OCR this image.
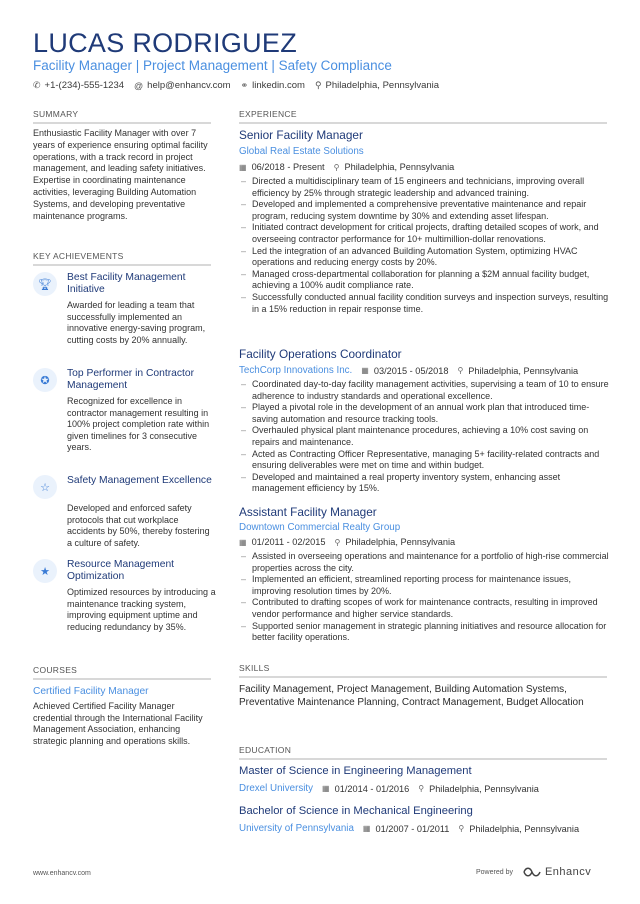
LUCAS RODRIGUEZ
Facility Manager | Project Management | Safety Compliance
✆ +1-(234)-555-1234 @ help@enhancv.com ⚭ linkedin.com ⚲ Philadelphia, Pennsylvania
SUMMARY
Enthusiastic Facility Manager with over 7 years of experience ensuring optimal facility operations, with a track record in project management, and leading safety initiatives. Expertise in coordinating maintenance activities, leveraging Building Automation Systems, and developing preventative maintenance programs.
KEY ACHIEVEMENTS
🏆︎
Best Facility Management Initiative
Awarded for leading a team that successfully implemented an innovative energy-saving program, cutting costs by 20% annually.
✪
Top Performer in Contractor Management
Recognized for excellence in contractor management resulting in 100% project completion rate within given timelines for 3 consecutive years.
☆
Safety Management Excellence
Developed and enforced safety protocols that cut workplace accidents by 50%, thereby fostering a culture of safety.
★
Resource Management Optimization
Optimized resources by introducing a maintenance tracking system, improving equipment uptime and reducing redundancy by 35%.
COURSES
Certified Facility Manager
Achieved Certified Facility Manager credential through the International Facility Management Association, enhancing strategic planning and operations skills.
EXPERIENCE
Senior Facility Manager
Global Real Estate Solutions
▦ 06/2018 - Present ⚲ Philadelphia, Pennsylvania
– Directed a multidisciplinary team of 15 engineers and technicians, improving overall efficiency by 25% through strategic leadership and advanced training.
– Developed and implemented a comprehensive preventative maintenance and repair program, reducing system downtime by 30% and extending asset lifespan.
– Initiated contract development for critical projects, drafting detailed scopes of work, and overseeing contractor performance for 10+ multimillion-dollar renovations.
– Led the integration of an advanced Building Automation System, optimizing HVAC operations and reducing energy costs by 20%.
– Managed cross-departmental collaboration for planning a $2M annual facility budget, achieving a 100% audit compliance rate.
– Successfully conducted annual facility condition surveys and inspection surveys, resulting in a 15% reduction in repair response time.
Facility Operations Coordinator
TechCorp Innovations Inc. ▦ 03/2015 - 05/2018 ⚲ Philadelphia, Pennsylvania
– Coordinated day-to-day facility management activities, supervising a team of 10 to ensure adherence to industry standards and operational excellence.
– Played a pivotal role in the development of an annual work plan that introduced time-saving automation and resource tracking tools.
– Overhauled physical plant maintenance procedures, achieving a 10% cost saving on repairs and maintenance.
– Acted as Contracting Officer Representative, managing 5+ facility-related contracts and ensuring deliverables were met on time and within budget.
– Developed and maintained a real property inventory system, enhancing asset management efficiency by 15%.
Assistant Facility Manager
Downtown Commercial Realty Group
▦ 01/2011 - 02/2015 ⚲ Philadelphia, Pennsylvania
– Assisted in overseeing operations and maintenance for a portfolio of high-rise commercial properties across the city.
– Implemented an efficient, streamlined reporting process for maintenance issues, improving resolution times by 20%.
– Contributed to drafting scopes of work for maintenance contracts, resulting in improved vendor performance and higher service standards.
– Supported senior management in strategic planning initiatives and resource allocation for better facility operations.
SKILLS
Facility Management, Project Management, Building Automation Systems, Preventative Maintenance Planning, Contract Management, Budget Allocation
EDUCATION
Master of Science in Engineering Management
Drexel University ▦ 01/2014 - 01/2016 ⚲ Philadelphia, Pennsylvania
Bachelor of Science in Mechanical Engineering
University of Pennsylvania ▦ 01/2007 - 01/2011 ⚲ Philadelphia, Pennsylvania
www.enhancv.com	Powered by	Enhancv
